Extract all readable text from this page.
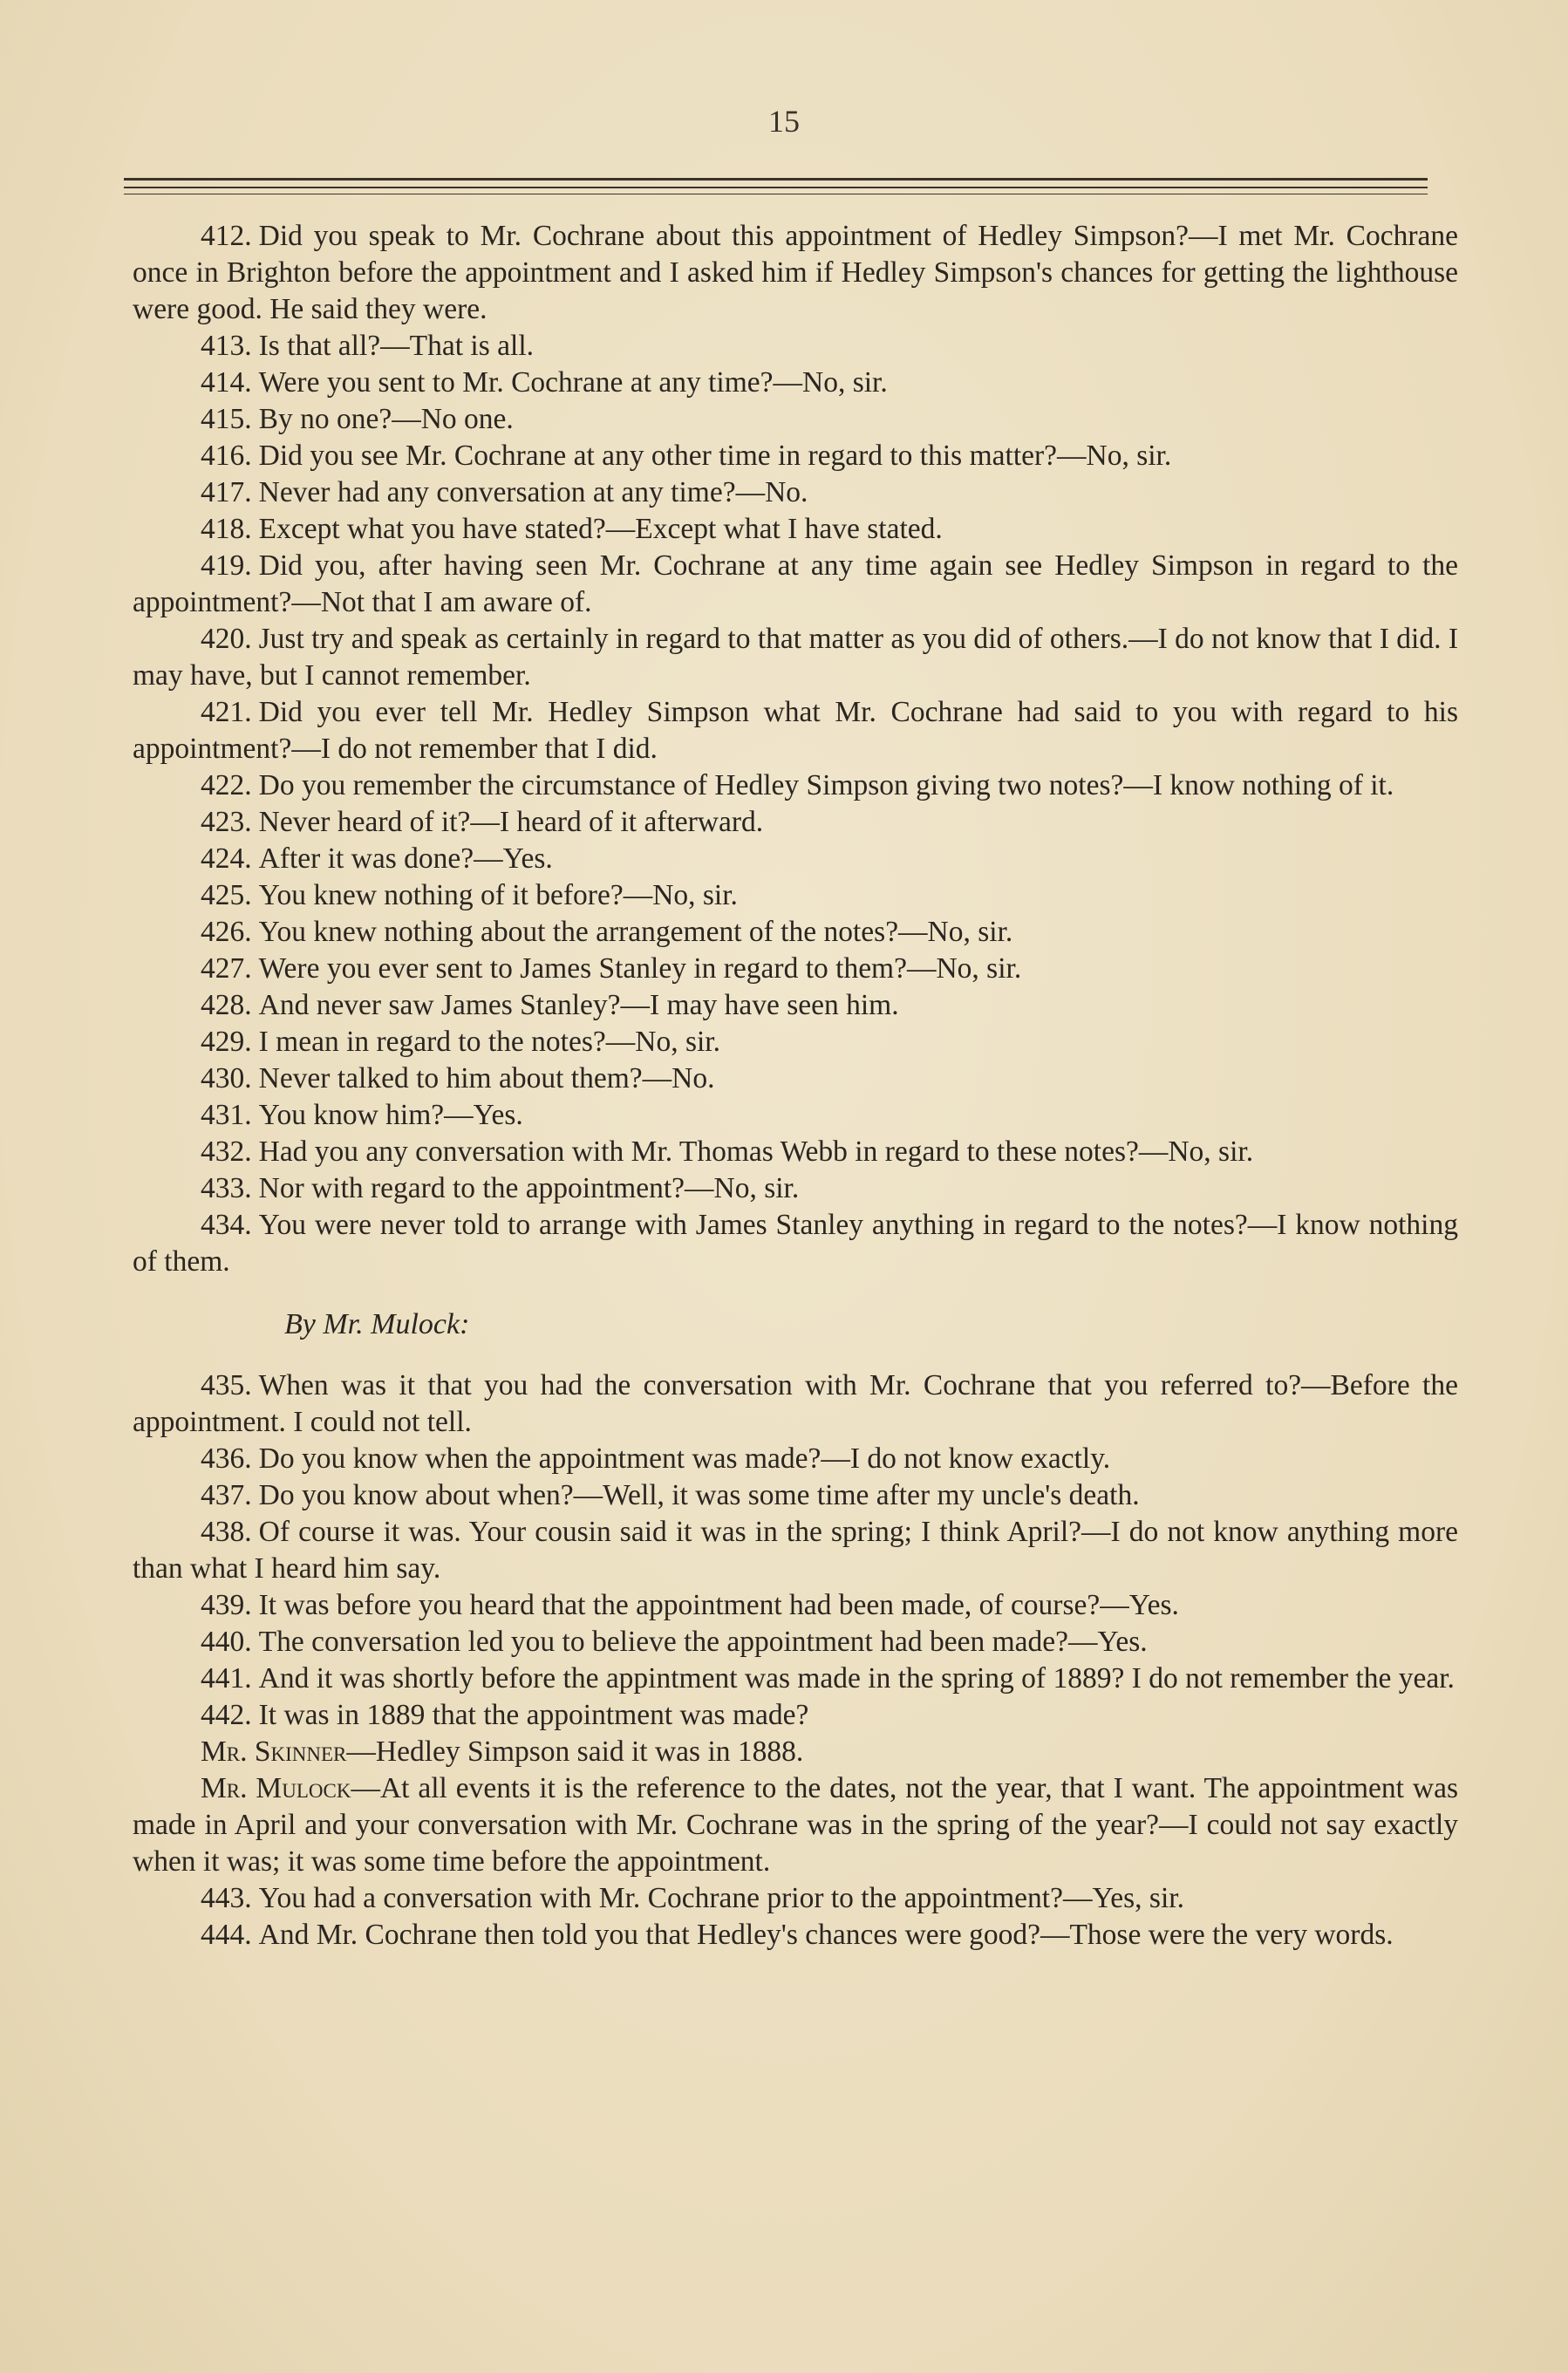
15

412. Did you speak to Mr. Cochrane about this appointment of Hedley Simpson?—I met Mr. Cochrane once in Brighton before the appointment and I asked him if Hedley Simpson's chances for getting the lighthouse were good. He said they were.

413. Is that all?—That is all.

414. Were you sent to Mr. Cochrane at any time?—No, sir.

415. By no one?—No one.

416. Did you see Mr. Cochrane at any other time in regard to this matter?—No, sir.

417. Never had any conversation at any time?—No.

418. Except what you have stated?—Except what I have stated.

419. Did you, after having seen Mr. Cochrane at any time again see Hedley Simpson in regard to the appointment?—Not that I am aware of.

420. Just try and speak as certainly in regard to that matter as you did of others.—I do not know that I did. I may have, but I cannot remember.

421. Did you ever tell Mr. Hedley Simpson what Mr. Cochrane had said to you with regard to his appointment?—I do not remember that I did.

422. Do you remember the circumstance of Hedley Simpson giving two notes?—I know nothing of it.

423. Never heard of it?—I heard of it afterward.

424. After it was done?—Yes.

425. You knew nothing of it before?—No, sir.

426. You knew nothing about the arrangement of the notes?—No, sir.

427. Were you ever sent to James Stanley in regard to them?—No, sir.

428. And never saw James Stanley?—I may have seen him.

429. I mean in regard to the notes?—No, sir.

430. Never talked to him about them?—No.

431. You know him?—Yes.

432. Had you any conversation with Mr. Thomas Webb in regard to these notes?—No, sir.

433. Nor with regard to the appointment?—No, sir.

434. You were never told to arrange with James Stanley anything in regard to the notes?—I know nothing of them.

By Mr. Mulock:

435. When was it that you had the conversation with Mr. Cochrane that you referred to?—Before the appointment. I could not tell.

436. Do you know when the appointment was made?—I do not know exactly.

437. Do you know about when?—Well, it was some time after my uncle's death.

438. Of course it was. Your cousin said it was in the spring; I think April?—I do not know anything more than what I heard him say.

439. It was before you heard that the appointment had been made, of course?—Yes.

440. The conversation led you to believe the appointment had been made?—Yes.

441. And it was shortly before the appintment was made in the spring of 1889? I do not remember the year.

442. It was in 1889 that the appointment was made?

Mr. Skinner—Hedley Simpson said it was in 1888.

Mr. Mulock—At all events it is the reference to the dates, not the year, that I want. The appointment was made in April and your conversation with Mr. Cochrane was in the spring of the year?—I could not say exactly when it was; it was some time before the appointment.

443. You had a conversation with Mr. Cochrane prior to the appointment?—Yes, sir.

444. And Mr. Cochrane then told you that Hedley's chances were good?—Those were the very words.
